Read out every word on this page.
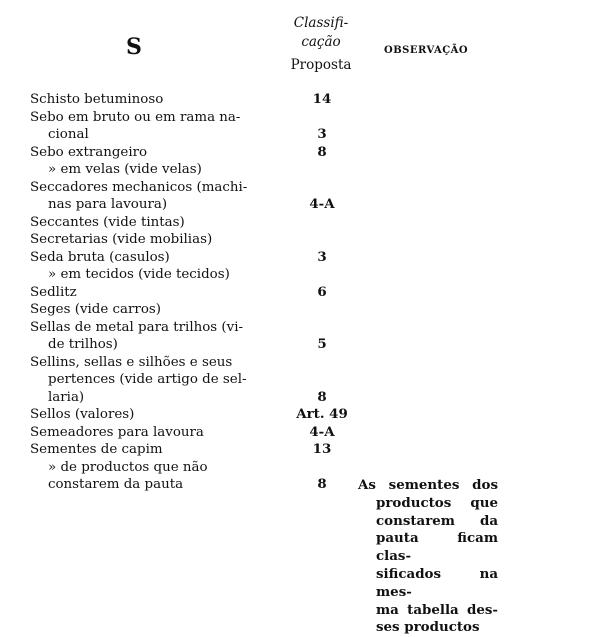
S
Classifi-
cação
Proposta
OBSERVAÇÃO
Schisto betuminoso	14
Sebo em bruto ou em rama na-
cional	3
Sebo extrangeiro	8
» em velas (vide velas)
Seccadores mechanicos (machi-
nas para lavoura)	4-A
Seccantes (vide tintas)
Secretarias (vide mobilias)
Seda bruta (casulos)	3
» em tecidos (vide tecidos)
Sedlitz	6
Seges (vide carros)
Sellas de metal para trilhos (vi-
de trilhos)	5
Sellins, sellas e silhões e seus
pertences (vide artigo de sel-
laria)	8
Sellos (valores)	Art. 49
Semeadores para lavoura	4-A
Sementes de capim	13
» de productos que não
constarem da pauta	8	As sementes dos
productos que
constarem da
pauta ficam clas-
sificados na mes-
ma tabella des-
ses productos
